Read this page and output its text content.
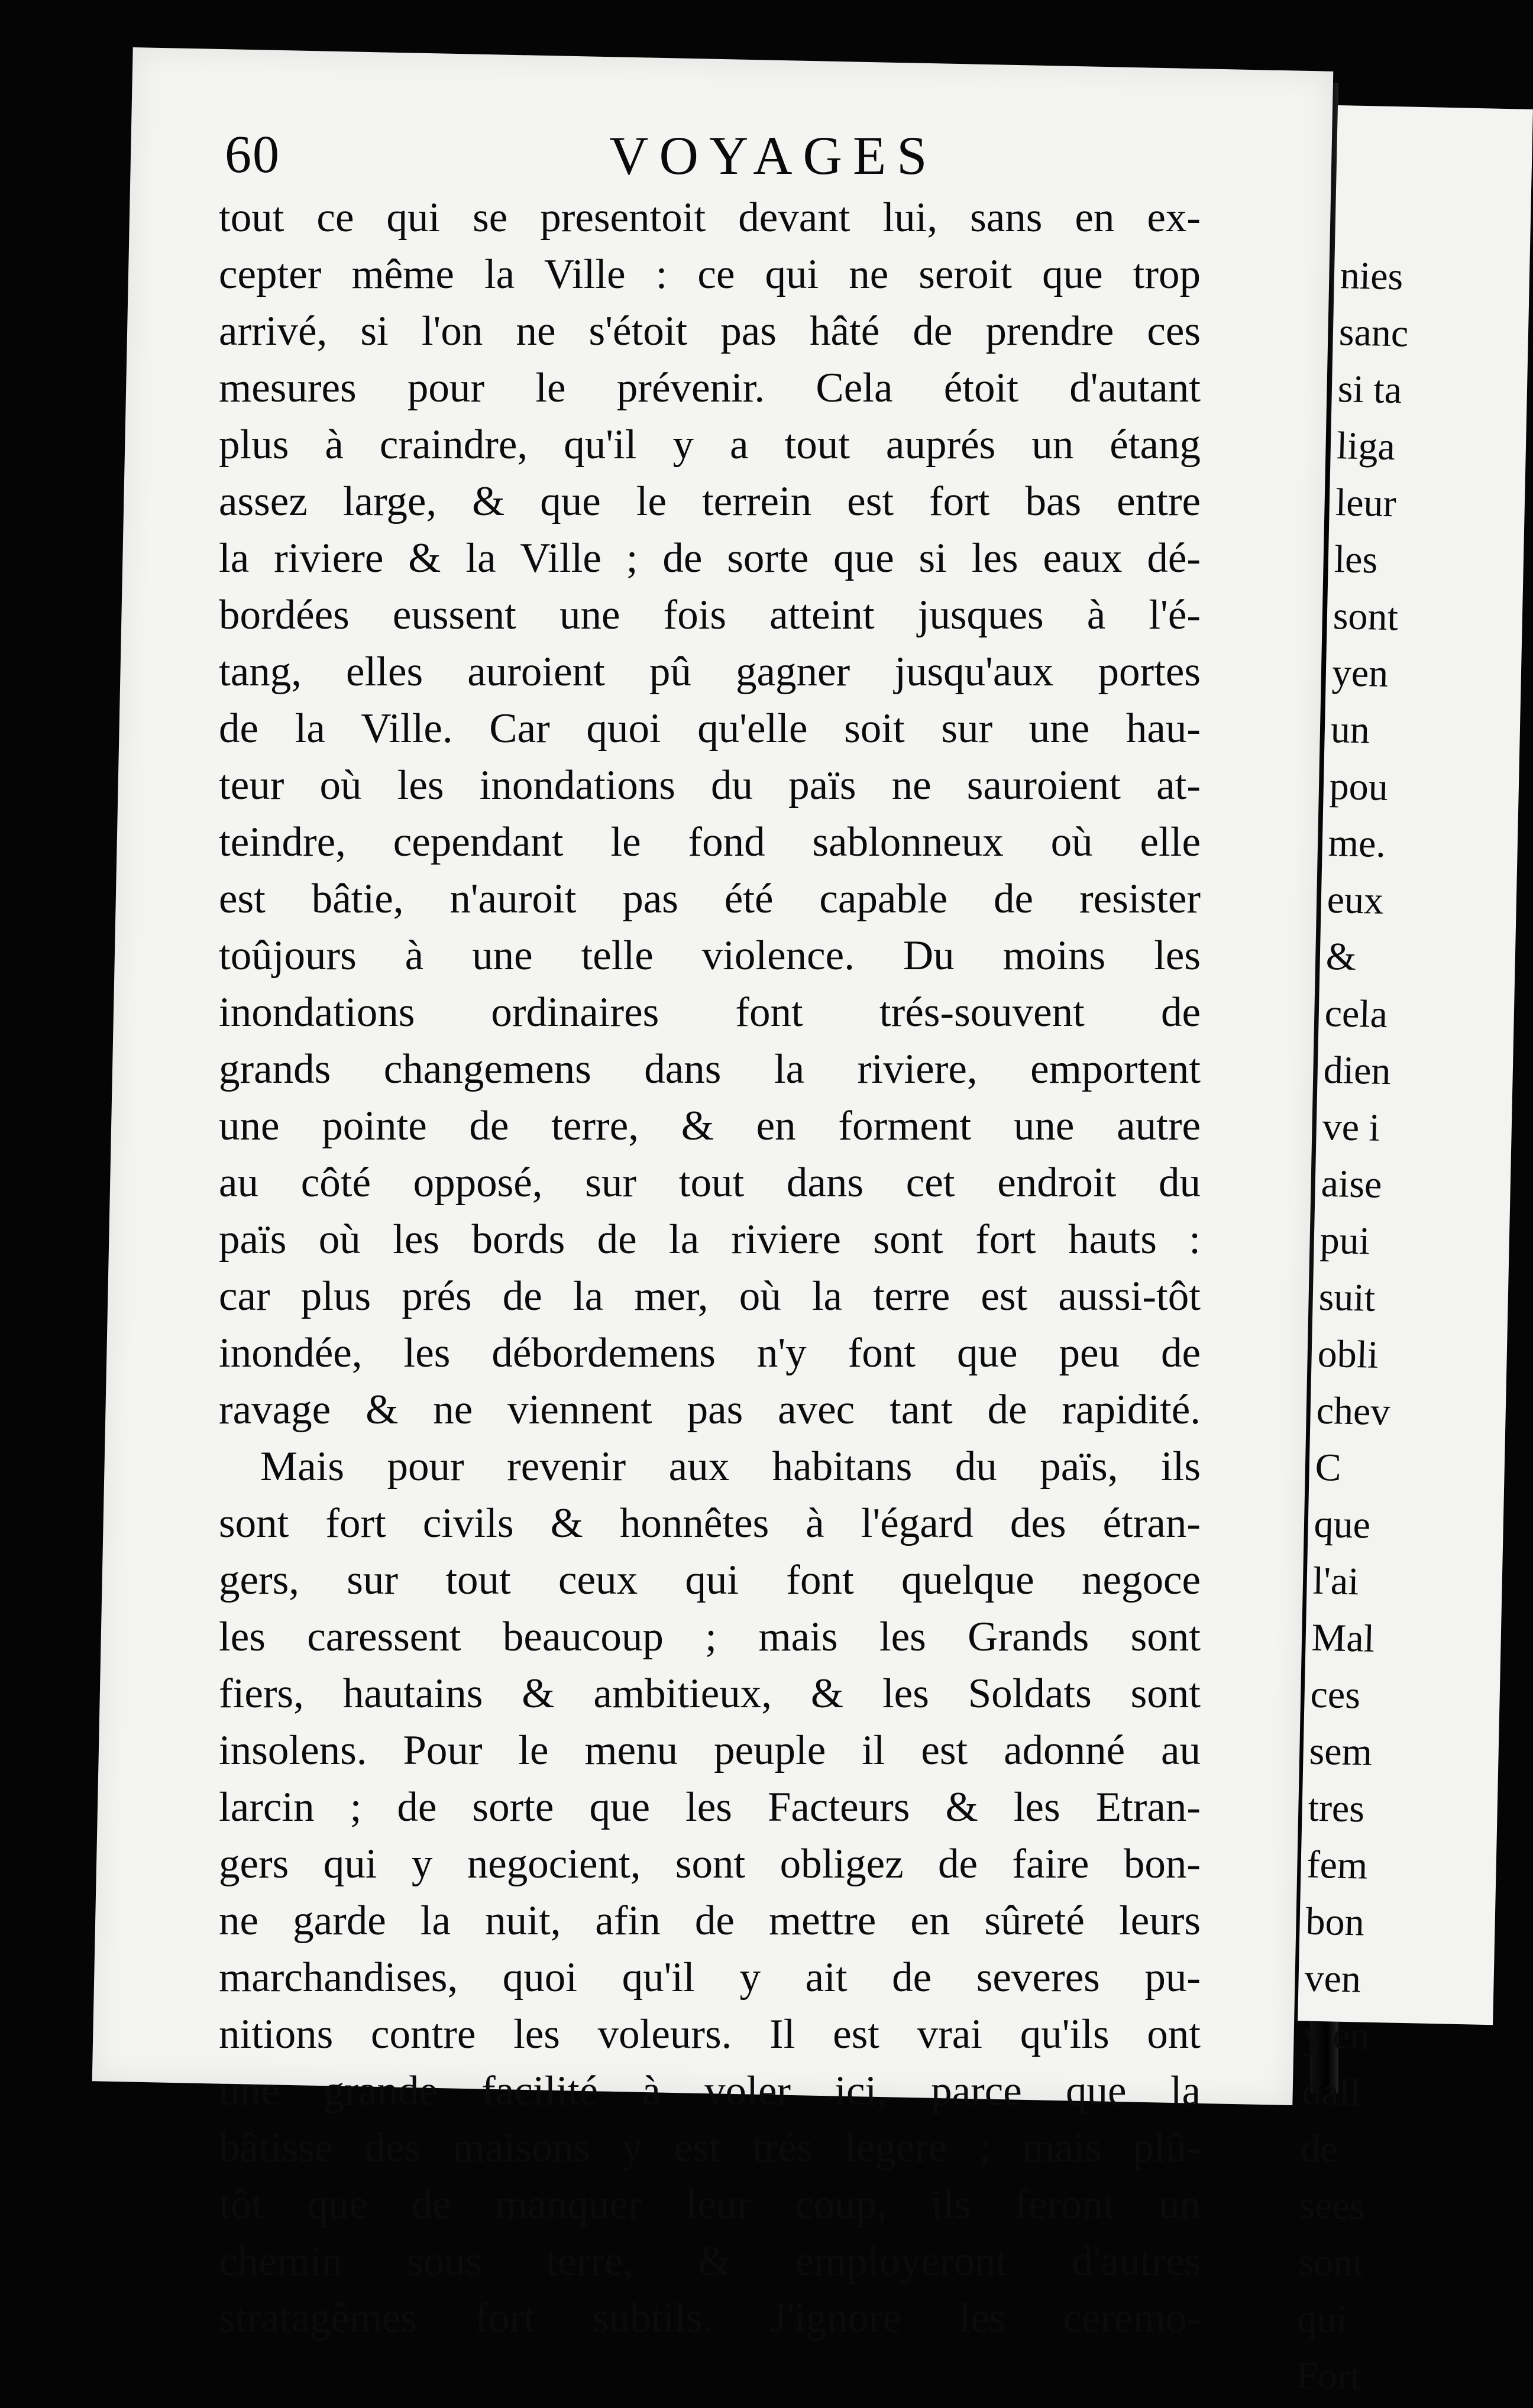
nies
sanc
si ta
liga
leur
les
sont
yen
un
pou
me.
eux
&
cela
dien
ve i
aise
pui
suit
obli
chev
C
que
l'ai
Mal
ces
sem
tres
fem
bon
ven
y en
dall
de
sees
sont
qui
Fort
60	VOYAGES
tout ce qui se presentoit devant lui, sans en ex-
cepter même la Ville : ce qui ne seroit que trop
arrivé, si l'on ne s'étoit pas hâté de prendre ces
mesures pour le prévenir. Cela étoit d'autant
plus à craindre, qu'il y a tout auprés un étang
assez large, & que le terrein est fort bas entre
la riviere & la Ville ; de sorte que si les eaux dé-
bordées eussent une fois atteint jusques à l'é-
tang, elles auroient pû gagner jusqu'aux portes
de la Ville. Car quoi qu'elle soit sur une hau-
teur où les inondations du païs ne sauroient at-
teindre, cependant le fond sablonneux où elle
est bâtie, n'auroit pas été capable de resister
toûjours à une telle violence. Du moins les
inondations ordinaires font trés-souvent de
grands changemens dans la riviere, emportent
une pointe de terre, & en forment une autre
au côté opposé, sur tout dans cet endroit du
païs où les bords de la riviere sont fort hauts :
car plus prés de la mer, où la terre est aussi-tôt
inondée, les débordemens n'y font que peu de
ravage & ne viennent pas avec tant de rapidité.
Mais pour revenir aux habitans du païs, ils
sont fort civils & honnêtes à l'égard des étran-
gers, sur tout ceux qui font quelque negoce
les caressent beaucoup ; mais les Grands sont
fiers, hautains & ambitieux, & les Soldats sont
insolens. Pour le menu peuple il est adonné au
larcin ; de sorte que les Facteurs & les Etran-
gers qui y negocient, sont obligez de faire bon-
ne garde la nuit, afin de mettre en sûreté leurs
marchandises, quoi qu'il y ait de severes pu-
nitions contre les voleurs. Il est vrai qu'ils ont
une grande facilité à voler ici, parce que la
bâtisse des maisons y est trés legere ; mais plû-
tôt que de manquer leur coup, ils feront un
chemin sous terre, & employeront d'autres
stratagêmes fort subtils. J'ignore les ceremo-
